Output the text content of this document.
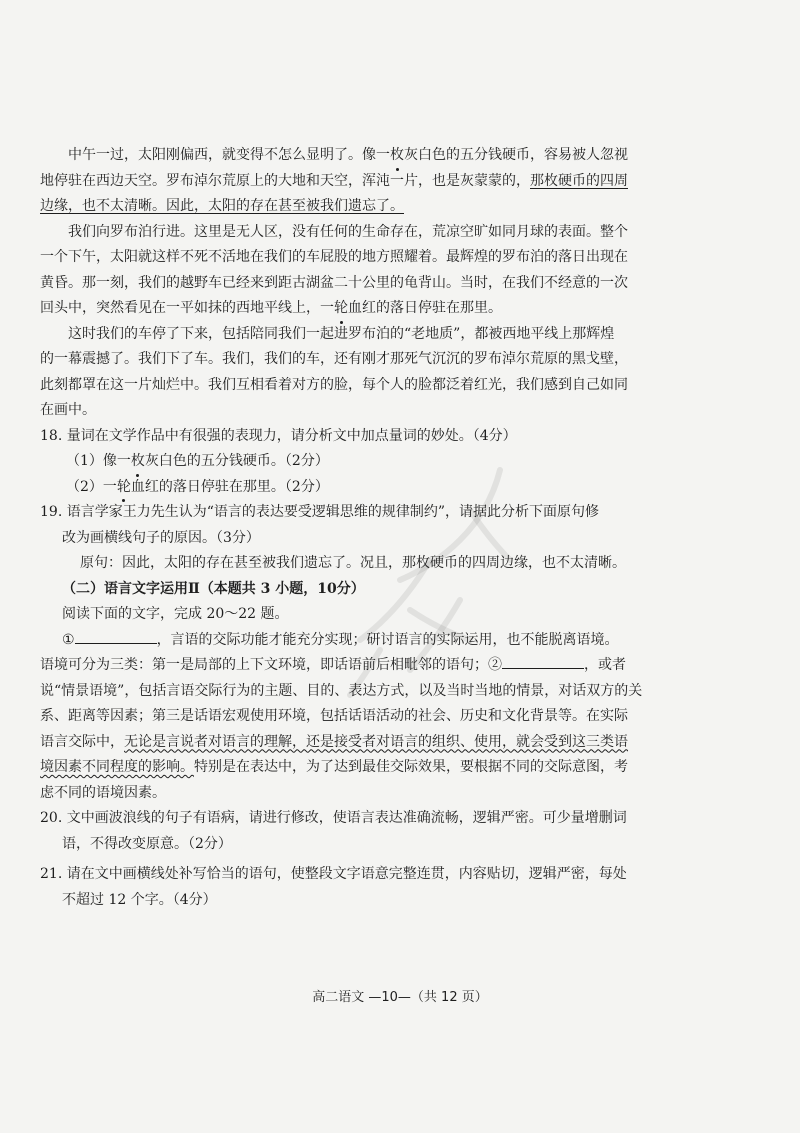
中午一过，太阳刚偏西，就变得不怎么显明了。像一枚灰白色的五分钱硬币，容易被人忽视

地停驻在西边天空。罗布淖尔荒原上的大地和天空，浑沌一片，也是灰蒙蒙的，那枚硬币的四周

边缘，也不太清晰。因此，太阳的存在甚至被我们遗忘了。

我们向罗布泊行进。这里是无人区，没有任何的生命存在，荒凉空旷如同月球的表面。整个

一个下午，太阳就这样不死不活地在我们的车屁股的地方照耀着。最辉煌的罗布泊的落日出现在

黄昏。那一刻，我们的越野车已经来到距古湖盆二十公里的龟背山。当时，在我们不经意的一次

回头中，突然看见在一平如抹的西地平线上，一轮血红的落日停驻在那里。

这时我们的车停了下来，包括陪同我们一起进罗布泊的“老地质”，都被西地平线上那辉煌

的一幕震撼了。我们下了车。我们，我们的车，还有刚才那死气沉沉的罗布淖尔荒原的黑戈壁，

此刻都罩在这一片灿烂中。我们互相看着对方的脸，每个人的脸都泛着红光，我们感到自己如同

在画中。

18. 量词在文学作品中有很强的表现力，请分析文中加点量词的妙处。（4分）

（1）像一枚灰白色的五分钱硬币。（2分）

（2）一轮血红的落日停驻在那里。（2分）

19. 语言学家王力先生认为“语言的表达要受逻辑思维的规律制约”，请据此分析下面原句修

改为画横线句子的原因。（3分）

原句：因此，太阳的存在甚至被我们遗忘了。况且，那枚硬币的四周边缘，也不太清晰。

（二）语言文字运用Ⅱ（本题共 3 小题，10分）

阅读下面的文字，完成 20～22 题。

①	，言语的交际功能才能充分实现；研讨语言的实际运用，也不能脱离语境。

语境可分为三类：第一是局部的上下文环境，即话语前后相毗邻的语句；②	，或者

说“情景语境”，包括言语交际行为的主题、目的、表达方式，以及当时当地的情景，对话双方的关

系、距离等因素；第三是话语宏观使用环境，包括话语活动的社会、历史和文化背景等。在实际

语言交际中，无论是言说者对语言的理解，还是接受者对语言的组织、使用，就会受到这三类语

境因素不同程度的影响。特别是在表达中，为了达到最佳交际效果，要根据不同的交际意图，考

虑不同的语境因素。

20. 文中画波浪线的句子有语病，请进行修改，使语言表达准确流畅，逻辑严密。可少量增删词

语，不得改变原意。（2分）

21. 请在文中画横线处补写恰当的语句，使整段文字语意完整连贯，内容贴切，逻辑严密，每处

不超过 12 个字。（4分）

高二语文 —10—（共 12 页）
